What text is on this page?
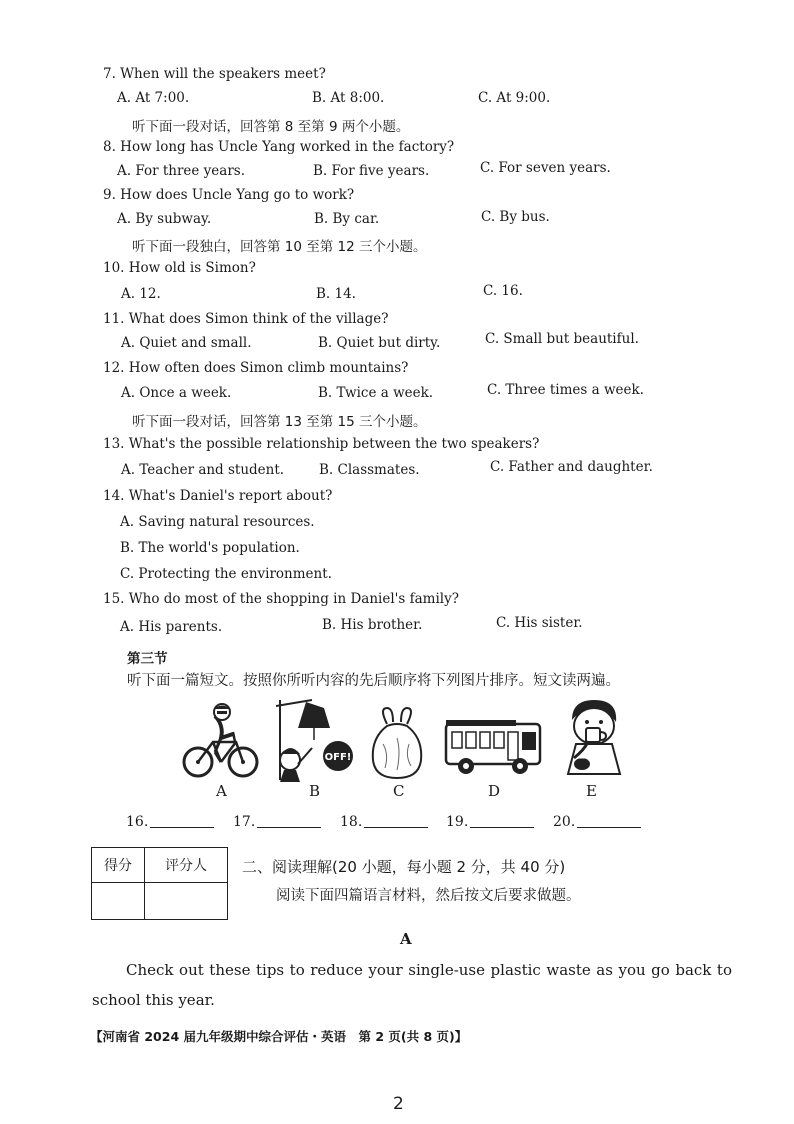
7. When will the speakers meet?
A. At 7:00.	B. At 8:00.	C. At 9:00.
听下面一段对话，回答第 8 至第 9 两个小题。
8. How long has Uncle Yang worked in the factory?
A. For three years.	B. For five years.	C. For seven years.
9. How does Uncle Yang go to work?
A. By subway.	B. By car.	C. By bus.
听下面一段独白，回答第 10 至第 12 三个小题。
10. How old is Simon?
A. 12.	B. 14.	C. 16.
11. What does Simon think of the village?
A. Quiet and small.	B. Quiet but dirty.	C. Small but beautiful.
12. How often does Simon climb mountains?
A. Once a week.	B. Twice a week.	C. Three times a week.
听下面一段对话，回答第 13 至第 15 三个小题。
13. What's the possible relationship between the two speakers?
A. Teacher and student.	B. Classmates.	C. Father and daughter.
14. What's Daniel's report about?
A. Saving natural resources.
B. The world's population.
C. Protecting the environment.
15. Who do most of the shopping in Daniel's family?
A. His parents.	B. His brother.	C. His sister.
第三节
听下面一篇短文。按照你所听内容的先后顺序将下列图片排序。短文读两遍。
A
OFF!
B	C	D	E
16.	17.	18.	19.	20.
得分	评分人
	二、阅读理解(20 小题，每小题 2 分，共 40 分)
阅读下面四篇语言材料，然后按文后要求做题。
A
Check out these tips to reduce your single-use plastic waste as you go back to school this year.
【河南省 2024 届九年级期中综合评估・英语　第 2 页(共 8 页)】
2
